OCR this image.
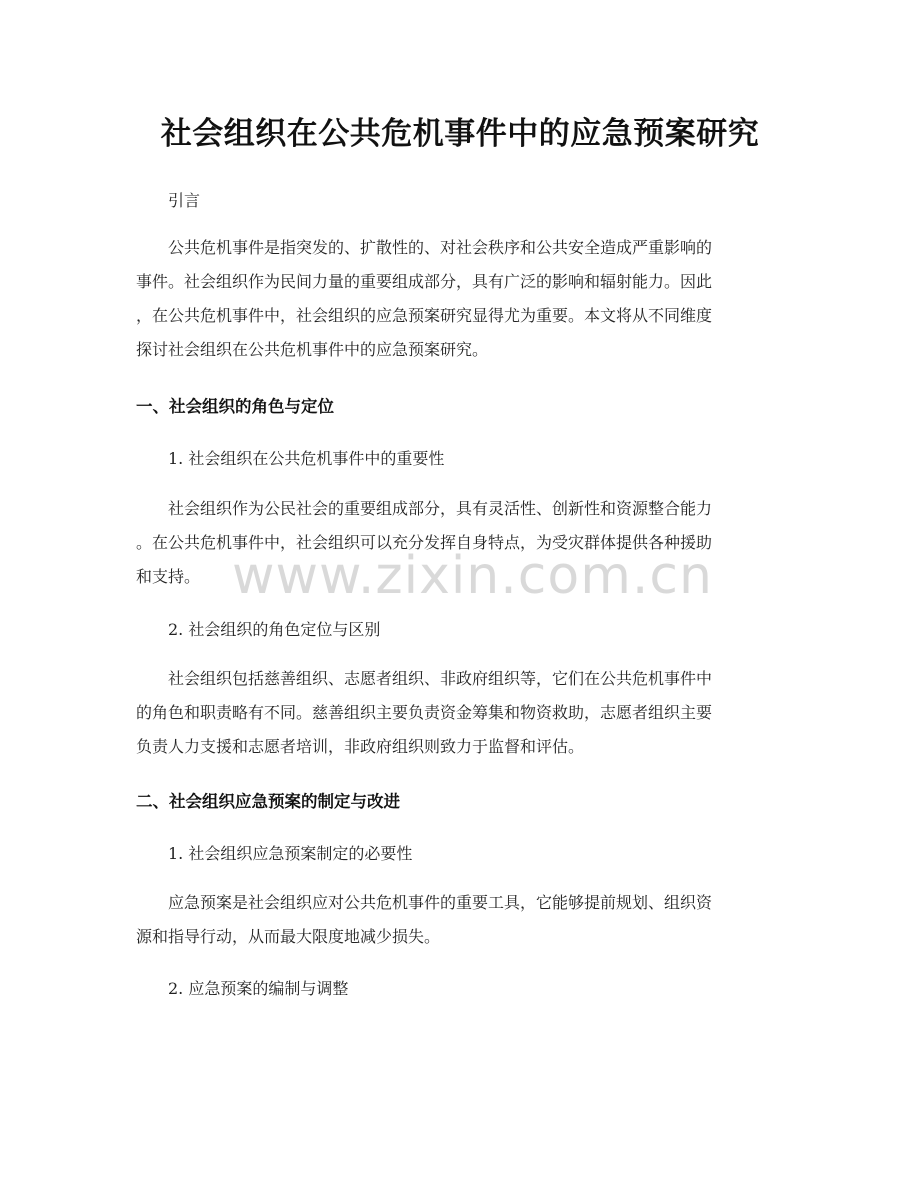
社会组织在公共危机事件中的应急预案研究
引言
公共危机事件是指突发的、扩散性的、对社会秩序和公共安全造成严重影响的
事件。社会组织作为民间力量的重要组成部分，具有广泛的影响和辐射能力。因此
，在公共危机事件中，社会组织的应急预案研究显得尤为重要。本文将从不同维度
探讨社会组织在公共危机事件中的应急预案研究。
一、社会组织的角色与定位
1. 社会组织在公共危机事件中的重要性
社会组织作为公民社会的重要组成部分，具有灵活性、创新性和资源整合能力
。在公共危机事件中，社会组织可以充分发挥自身特点，为受灾群体提供各种援助
和支持。
2. 社会组织的角色定位与区别
社会组织包括慈善组织、志愿者组织、非政府组织等，它们在公共危机事件中
的角色和职责略有不同。慈善组织主要负责资金筹集和物资救助，志愿者组织主要
负责人力支援和志愿者培训，非政府组织则致力于监督和评估。
二、社会组织应急预案的制定与改进
1. 社会组织应急预案制定的必要性
应急预案是社会组织应对公共危机事件的重要工具，它能够提前规划、组织资
源和指导行动，从而最大限度地减少损失。
2. 应急预案的编制与调整
www.zixin.com.cn
